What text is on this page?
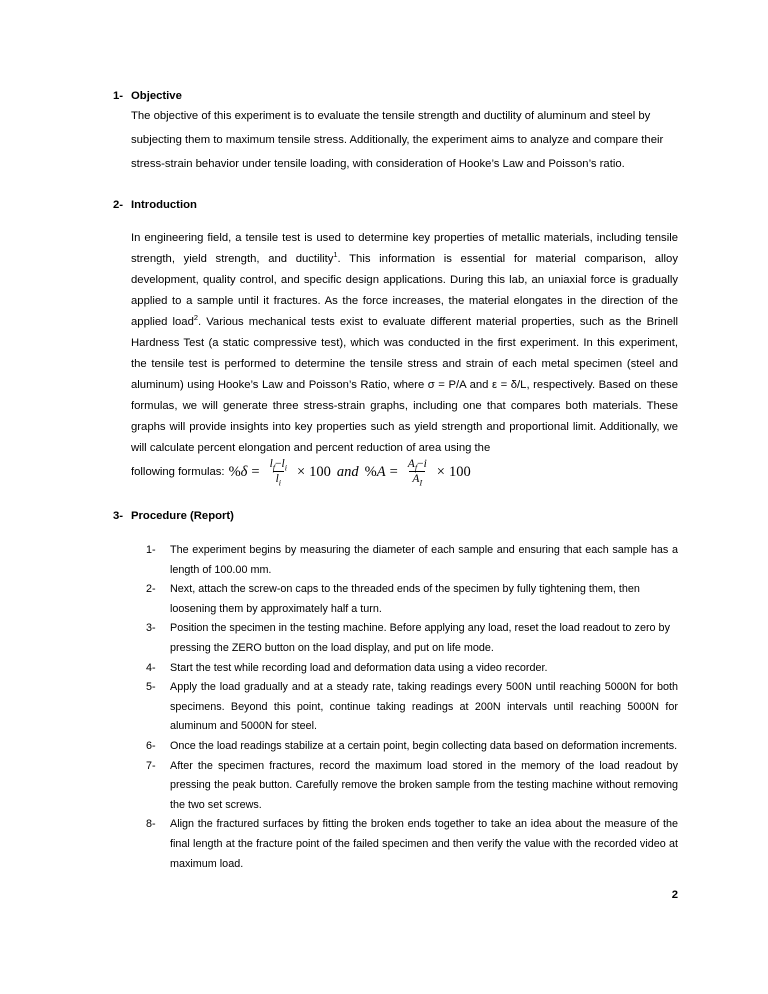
1- Objective

The objective of this experiment is to evaluate the tensile strength and ductility of aluminum and steel by subjecting them to maximum tensile stress. Additionally, the experiment aims to analyze and compare their stress-strain behavior under tensile loading, with consideration of Hooke’s Law and Poisson’s ratio.

2- Introduction

In engineering field, a tensile test is used to determine key properties of metallic materials, including tensile strength, yield strength, and ductility$^1$. This information is essential for material comparison, alloy development, quality control, and specific design applications. During this lab, an uniaxial force is gradually applied to a sample until it fractures. As the force increases, the material elongates in the direction of the applied load$^2$. Various mechanical tests exist to evaluate different material properties, such as the Brinell Hardness Test (a static compressive test), which was conducted in the first experiment. In this experiment, the tensile test is performed to determine the tensile stress and strain of each metal specimen (steel and aluminum) using Hooke’s Law and Poisson’s Ratio, where σ = P/A and ε = δ/L, respectively. Based on these formulas, we will generate three stress-strain graphs, including one that compares both materials. These graphs will provide insights into key properties such as yield strength and proportional limit. Additionally, we will calculate percent elongation and percent reduction of area using the

following formulas: % $\delta = \frac{l_f-l_i}{l_i} \times 100$ and % $A = \frac{A_f-i}{A_I} \times 100$
3- Procedure (Report)
1-	The experiment begins by measuring the diameter of each sample and ensuring that each sample has a length of 100.00 mm.
2-	Next, attach the screw-on caps to the threaded ends of the specimen by fully tightening them, then loosening them by approximately half a turn.
3-	Position the specimen in the testing machine. Before applying any load, reset the load readout to zero by pressing the ZERO button on the load display, and put on life mode.
4-	Start the test while recording load and deformation data using a video recorder.
5-	Apply the load gradually and at a steady rate, taking readings every 500N until reaching 5000N for both specimens. Beyond this point, continue taking readings at 200N intervals until reaching 5000N for aluminum and 5000N for steel.
6-	Once the load readings stabilize at a certain point, begin collecting data based on deformation increments.
7-	After the specimen fractures, record the maximum load stored in the memory of the load readout by pressing the peak button. Carefully remove the broken sample from the testing machine without removing the two set screws.
8-	Align the fractured surfaces by fitting the broken ends together to take an idea about the measure of the final length at the fracture point of the failed specimen and then verify the value with the recorded video at maximum load.
2
